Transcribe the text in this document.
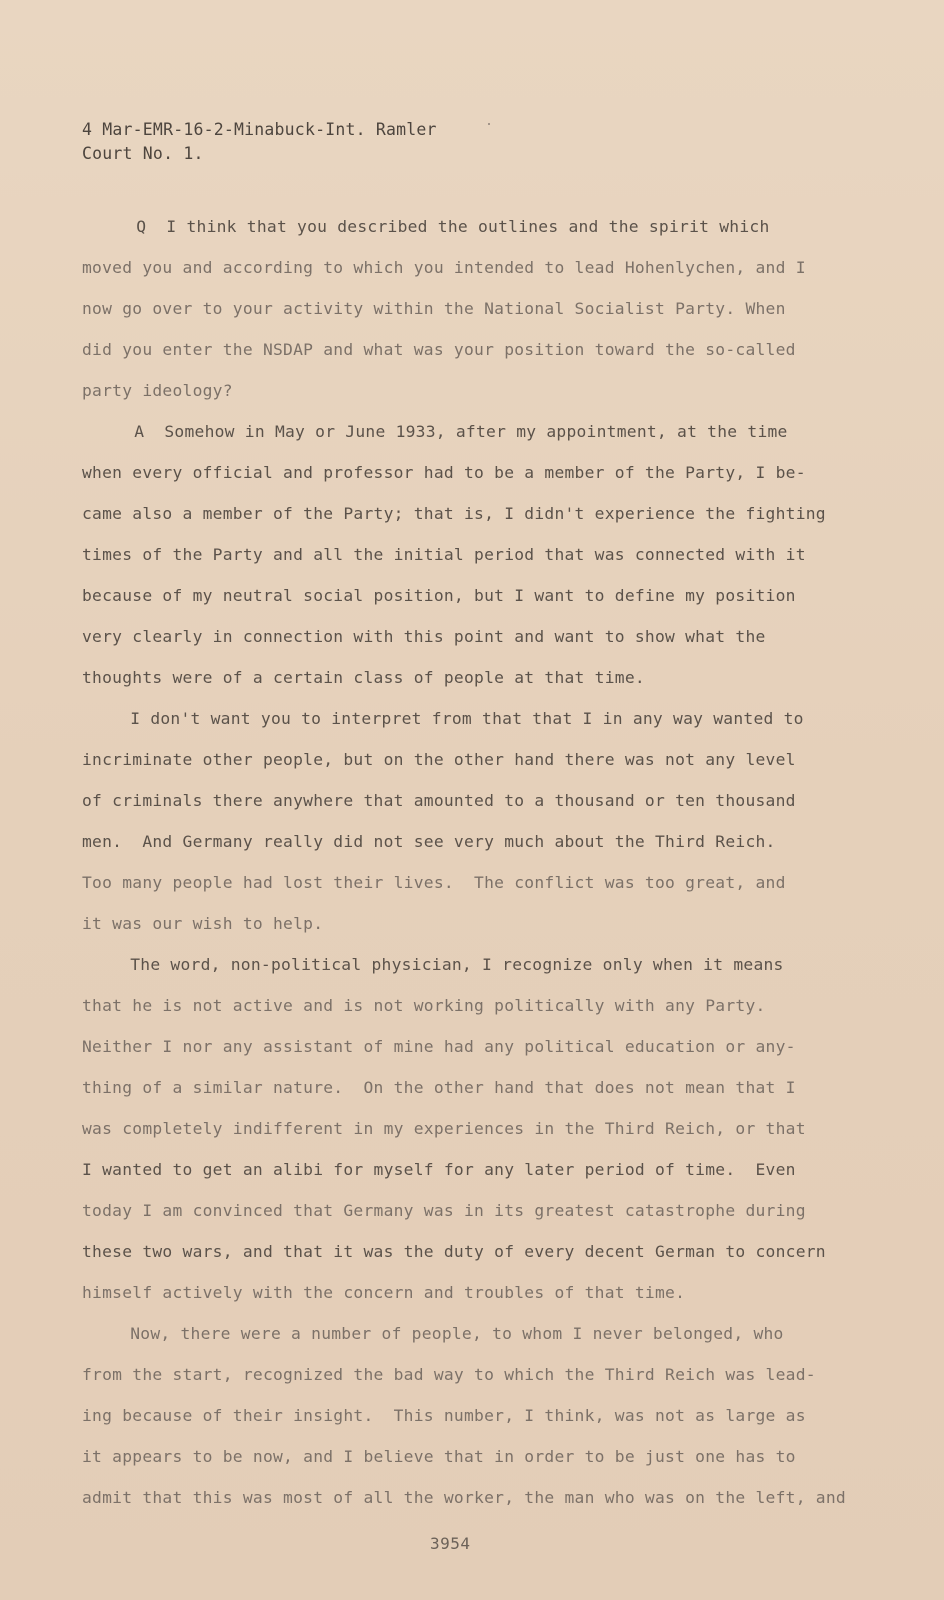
4 Mar-EMR-16-2-Minabuck-Int. Ramler
Court No. 1.
Q  I think that you described the outlines and the spirit which
moved you and according to which you intended to lead Hohenlychen, and I
now go over to your activity within the National Socialist Party. When
did you enter the NSDAP and what was your position toward the so-called
party ideology?
A  Somehow in May or June 1933, after my appointment, at the time
when every official and professor had to be a member of the Party, I be-
came also a member of the Party; that is, I didn't experience the fighting
times of the Party and all the initial period that was connected with it
because of my neutral social position, but I want to define my position
very clearly in connection with this point and want to show what the
thoughts were of a certain class of people at that time.
I don't want you to interpret from that that I in any way wanted to
incriminate other people, but on the other hand there was not any level
of criminals there anywhere that amounted to a thousand or ten thousand
men.  And Germany really did not see very much about the Third Reich.
Too many people had lost their lives.  The conflict was too great, and
it was our wish to help.
The word, non-political physician, I recognize only when it means
that he is not active and is not working politically with any Party.
Neither I nor any assistant of mine had any political education or any-
thing of a similar nature.  On the other hand that does not mean that I
was completely indifferent in my experiences in the Third Reich, or that
I wanted to get an alibi for myself for any later period of time.  Even
today I am convinced that Germany was in its greatest catastrophe during
these two wars, and that it was the duty of every decent German to concern
himself actively with the concern and troubles of that time.
Now, there were a number of people, to whom I never belonged, who
from the start, recognized the bad way to which the Third Reich was lead-
ing because of their insight.  This number, I think, was not as large as
it appears to be now, and I believe that in order to be just one has to
admit that this was most of all the worker, the man who was on the left, and
3954
